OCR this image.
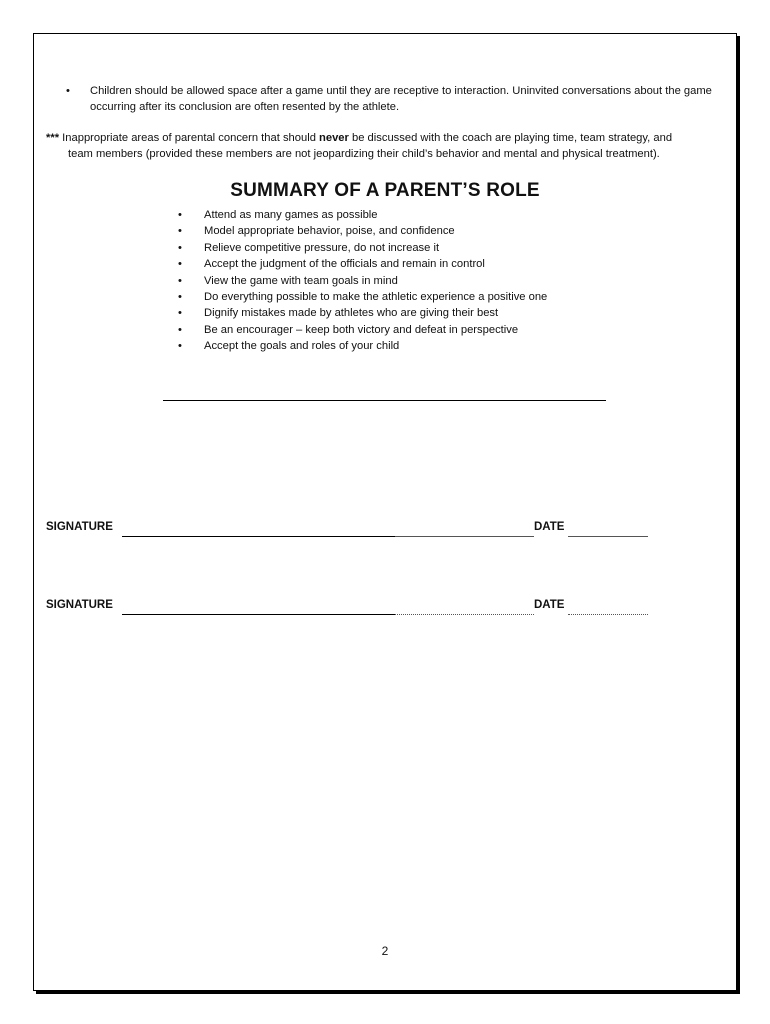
• Children should be allowed space after a game until they are receptive to interaction. Uninvited conversations about the game occurring after its conclusion are often resented by the athlete.
*** Inappropriate areas of parental concern that should never be discussed with the coach are playing time, team strategy, and
team members (provided these members are not jeopardizing their child’s behavior and mental and physical treatment).
SUMMARY OF A PARENT’S ROLE
• Attend as many games as possible
• Model appropriate behavior, poise, and confidence
• Relieve competitive pressure, do not increase it
• Accept the judgment of the officials and remain in control
• View the game with team goals in mind
• Do everything possible to make the athletic experience a positive one
• Dignify mistakes made by athletes who are giving their best
• Be an encourager – keep both victory and defeat in perspective
• Accept the goals and roles of your child
SIGNATURE	DATE
SIGNATURE	DATE
2
